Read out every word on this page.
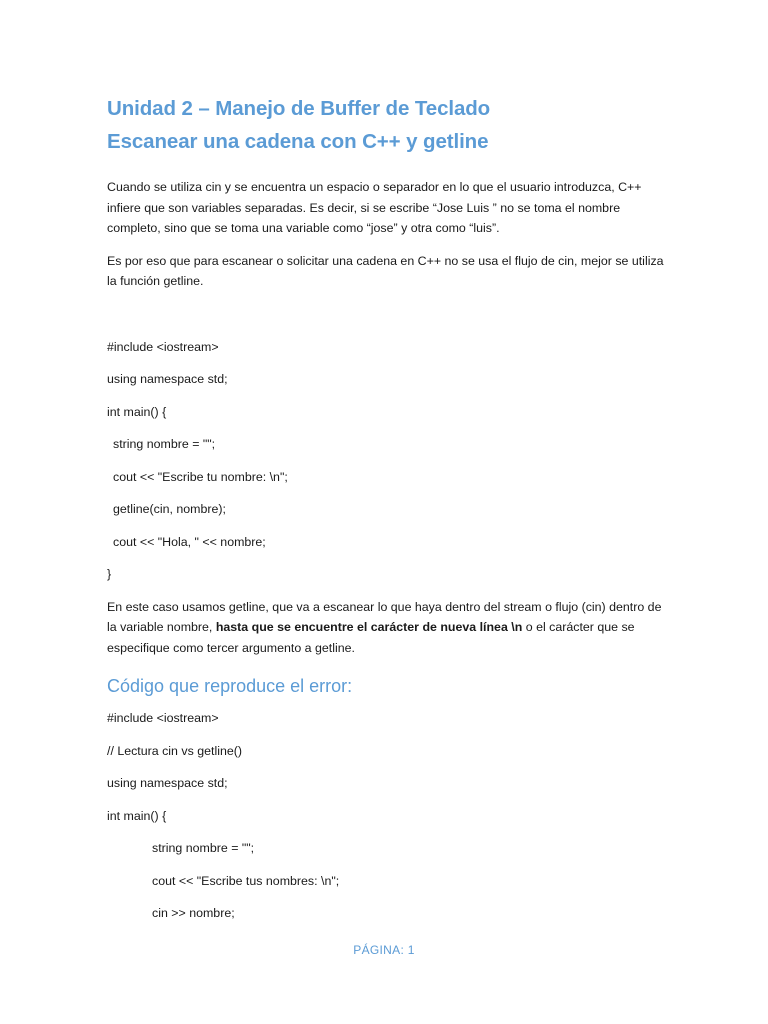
Unidad 2 – Manejo de Buffer de Teclado
Escanear una cadena con C++ y getline

Cuando se utiliza cin y se encuentra un espacio o separador en lo que el usuario introduzca, C++ infiere que son variables separadas. Es decir, si se escribe “Jose Luis ” no se toma el nombre completo, sino que se toma una variable como “jose” y otra como “luis”.

Es por eso que para escanear o solicitar una cadena en C++ no se usa el flujo de cin, mejor se utiliza la función getline.

#include <iostream>

using namespace std;

int main() {

string nombre = "";

cout << "Escribe tu nombre: \n";

getline(cin, nombre);

cout << "Hola, " << nombre;

}

En este caso usamos getline, que va a escanear lo que haya dentro del stream o flujo (cin) dentro de la variable nombre, hasta que se encuentre el carácter de nueva línea \n o el carácter que se especifique como tercer argumento a getline.

Código que reproduce el error:

#include <iostream>

// Lectura cin vs getline()

using namespace std;

int main() {

string nombre = "";

cout << "Escribe tus nombres: \n";

cin >> nombre;

PÁGINA: 1
